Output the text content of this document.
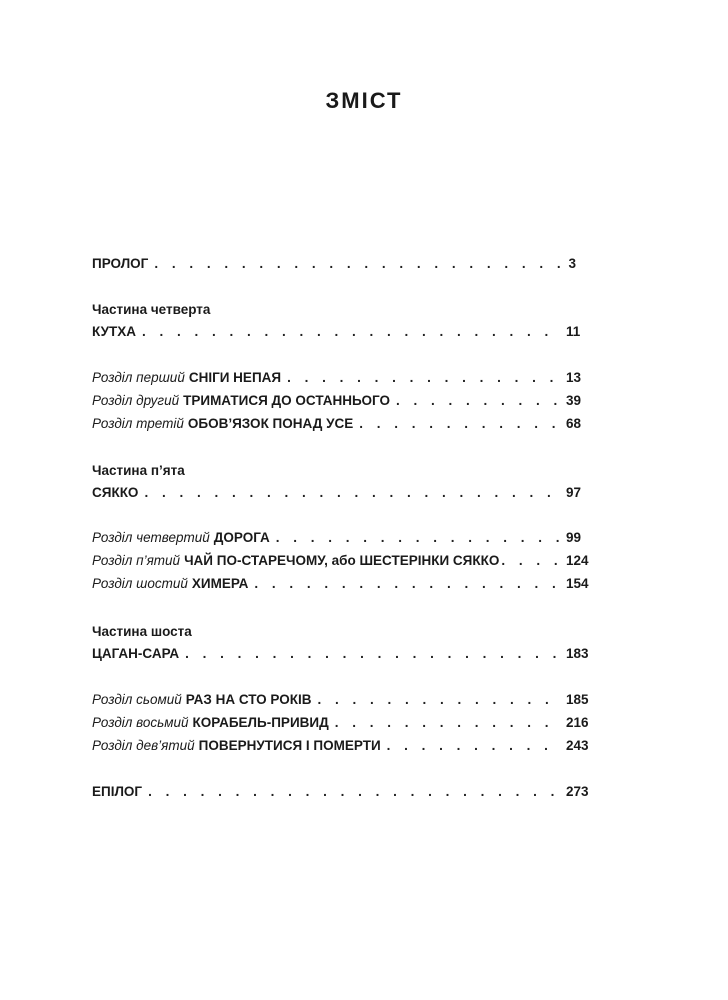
ЗМІСТ
ПРОЛОГ . . .	3
Частина четверта
КУТХА . . .	11
Розділ перший СНІГИ НЕПАЯ . . .	13
Розділ другий ТРИМАТИСЯ ДО ОСТАННЬОГО . . .	39
Розділ третій ОБОВ’ЯЗОК ПОНАД УСЕ . . .	68
Частина п’ята
СЯККО . . .	97
Розділ четвертий ДОРОГА . . .	99
Розділ п’ятий ЧАЙ ПО-СТАРЕЧОМУ, або ШЕСТЕРІНКИ СЯККО . . .	124
Розділ шостий ХИМЕРА . . .	154
Частина шоста
ЦАГАН-САРА . . .	183
Розділ сьомий РАЗ НА СТО РОКІВ . . .	185
Розділ восьмий КОРАБЕЛЬ-ПРИВИД . . .	216
Розділ дев’ятий ПОВЕРНУТИСЯ І ПОМЕРТИ . . .	243
ЕПІЛОГ . . .	273
